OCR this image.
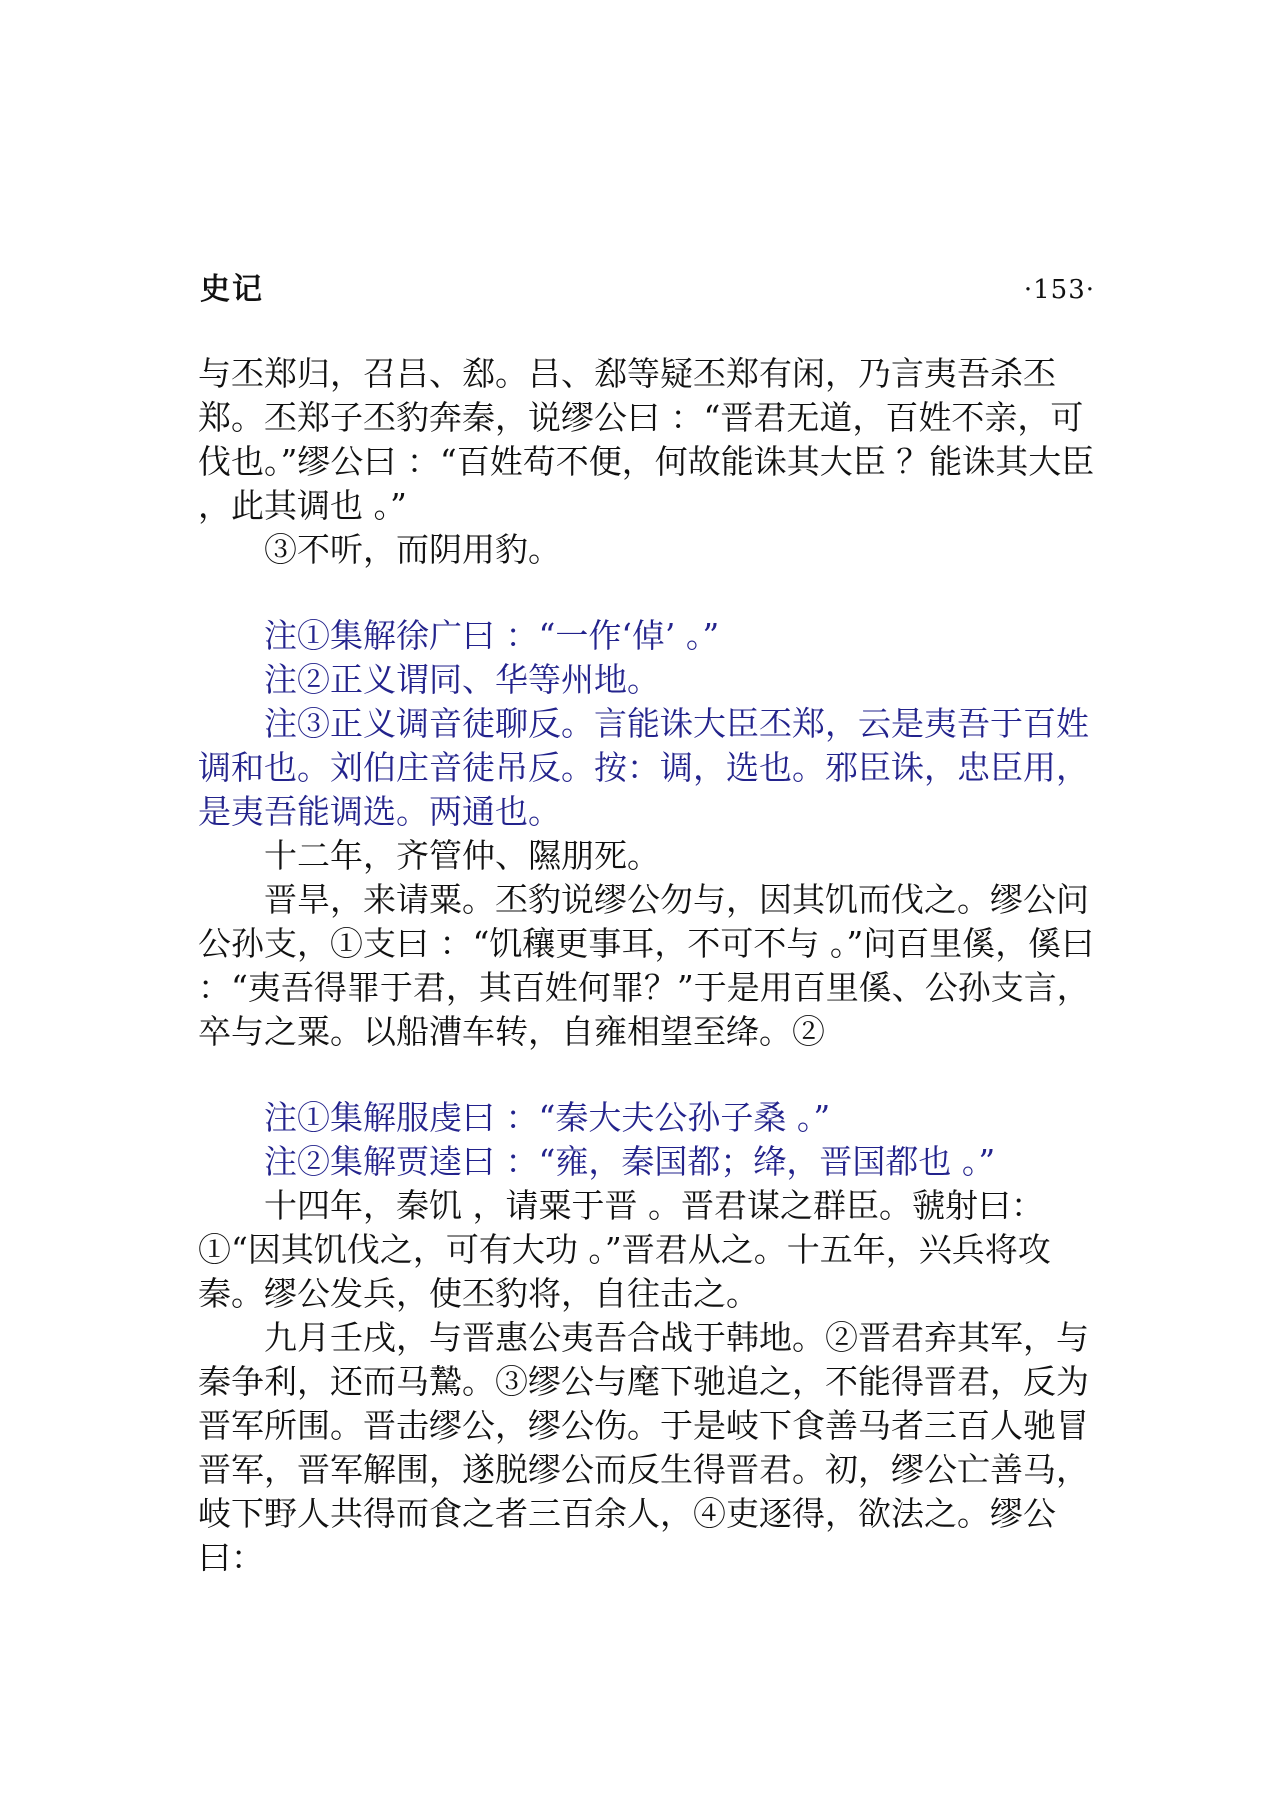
史记	·153·

与丕郑归，召吕、郄。吕、郄等疑丕郑有闲，乃言夷吾杀丕郑。丕郑子丕豹奔秦，说缪公曰 ：“晋君无道，百姓不亲，可伐也。”缪公曰 ：“百姓苟不便，何故能诛其大臣 ？能诛其大臣 ，此其调也 。”

③不听，而阴用豹。

注①集解徐广曰 ：“一作‘倬’ 。”

注②正义谓同、华等州地。

注③正义调音徒聊反。言能诛大臣丕郑，云是夷吾于百姓调和也。刘伯庄音徒吊反。按：调，选也。邪臣诛，忠臣用，是夷吾能调选。两通也。

十二年，齐管仲、隰朋死。

晋旱，来请粟。丕豹说缪公勿与，因其饥而伐之。缪公问公孙支，①支曰 ：“饥穰更事耳，不可不与 。”问百里傒，傒曰 ：“夷吾得罪于君，其百姓何罪？”于是用百里傒、公孙支言，卒与之粟。以船漕车转，自雍相望至绛。②

注①集解服虔曰 ：“秦大夫公孙子桑 。”

注②集解贾逵曰 ：“雍，秦国都；绛，晋国都也 。”

十四年，秦饥 ，请粟于晋 。晋君谋之群臣。虢射曰：①“因其饥伐之，可有大功 。”晋君从之。十五年，兴兵将攻秦。缪公发兵，使丕豹将，自往击之。

九月壬戌，与晋惠公夷吾合战于韩地。②晋君弃其军，与秦争利，还而马騺。③缪公与麾下驰追之，不能得晋君，反为晋军所围。晋击缪公，缪公伤。于是岐下食善马者三百人驰冒晋军，晋军解围，遂脱缪公而反生得晋君。初，缪公亡善马，岐下野人共得而食之者三百余人，④吏逐得，欲法之。缪公曰：
